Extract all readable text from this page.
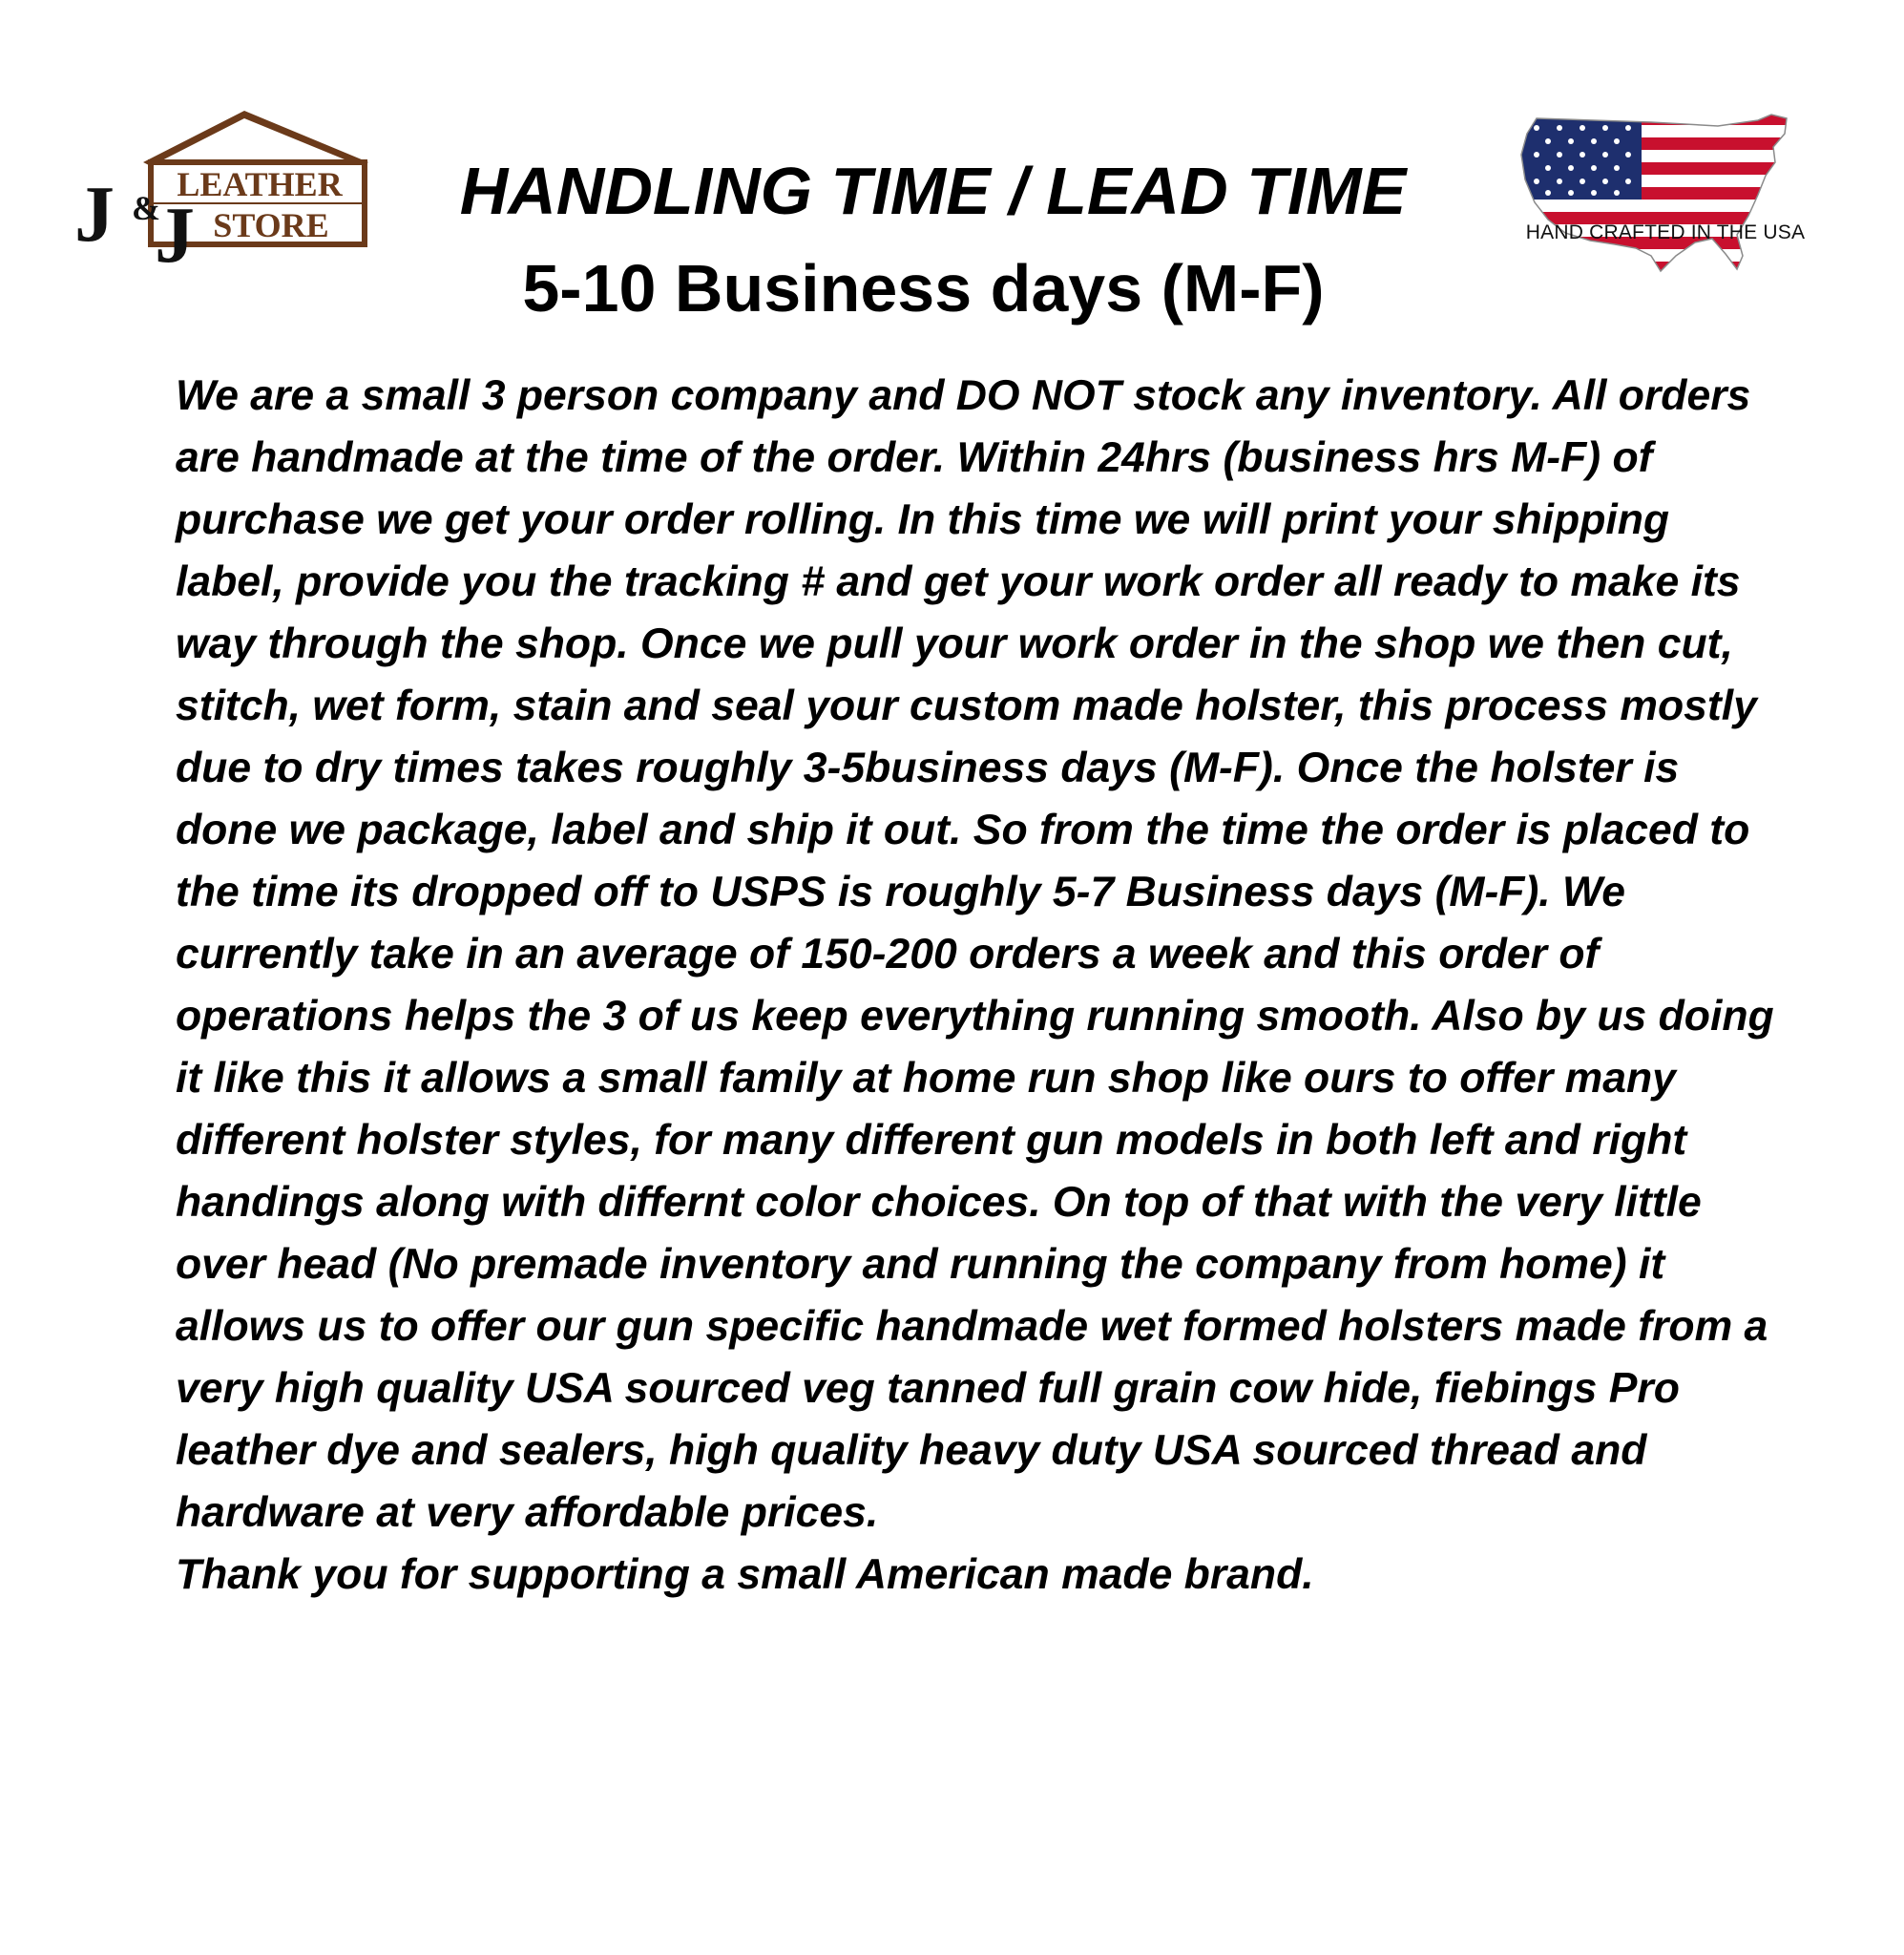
LEATHER
STORE
J &
J	HAND CRAFTED IN THE USA
HANDLING TIME / LEAD TIME
5-10 Business days (M-F)

We are a small 3 person company and DO NOT stock any inventory. All orders are handmade at the time of the order. Within 24hrs (business hrs M-F) of purchase we get your order rolling. In this time we will print your shipping label, provide you the tracking # and get your work order all ready to make its way through the shop. Once we pull your work order in the shop we then cut, stitch, wet form, stain and seal your custom made holster, this process mostly due to dry times takes roughly 3-5business days (M-F). Once the holster is done we package, label and ship it out. So from the time the order is placed to the time its dropped off to USPS is roughly 5-7 Business days (M-F). We currently take in an average of 150-200 orders a week and this order of operations helps the 3 of us keep everything running smooth. Also by us doing it like this it allows a small family at home run shop like ours to offer many different holster styles, for many different gun models in both left and right handings along with differnt color choices. On top of that with the very little over head (No premade inventory and running the company from home) it allows us to offer our gun specific handmade wet formed holsters made from a very high quality USA sourced veg tanned full grain cow hide, fiebings Pro leather dye and sealers, high quality heavy duty USA sourced thread and hardware at very affordable prices.

Thank you for supporting a small American made brand.
